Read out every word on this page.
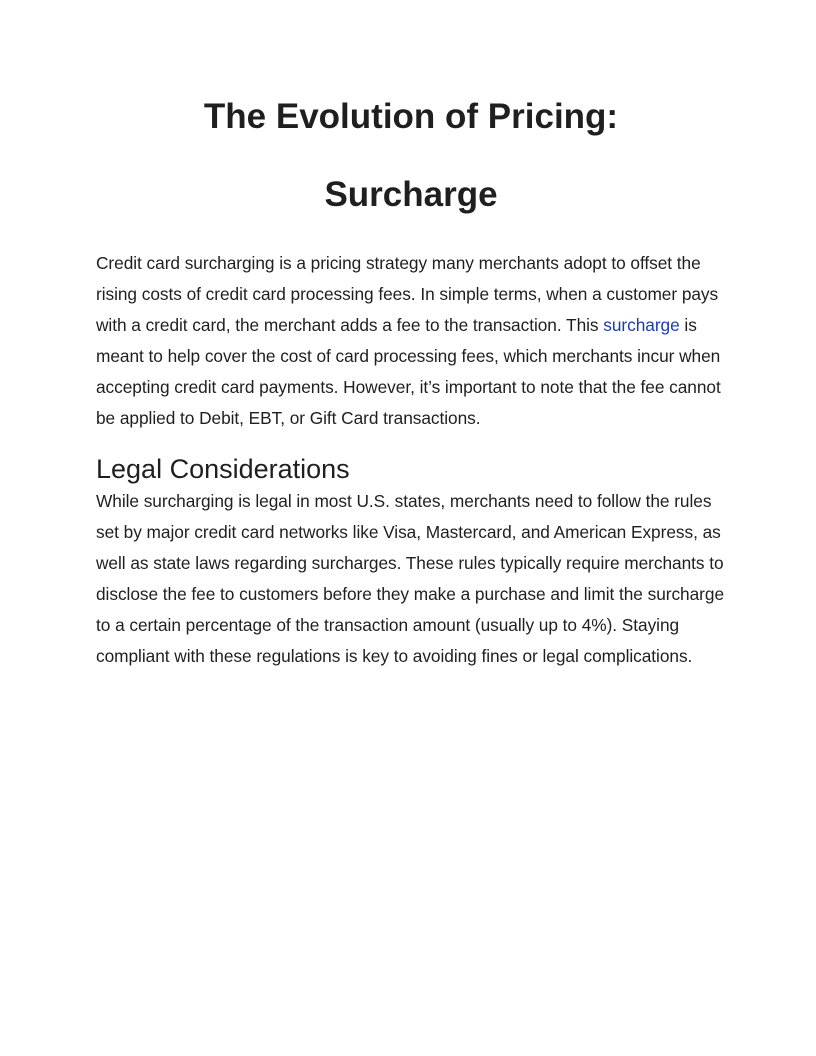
The Evolution of Pricing:
Surcharge

Credit card surcharging is a pricing strategy many merchants adopt to offset the rising costs of credit card processing fees. In simple terms, when a customer pays with a credit card, the merchant adds a fee to the transaction. This surcharge is meant to help cover the cost of card processing fees, which merchants incur when accepting credit card payments. However, it’s important to note that the fee cannot be applied to Debit, EBT, or Gift Card transactions.

Legal Considerations

While surcharging is legal in most U.S. states, merchants need to follow the rules set by major credit card networks like Visa, Mastercard, and American Express, as well as state laws regarding surcharges. These rules typically require merchants to disclose the fee to customers before they make a purchase and limit the surcharge to a certain percentage of the transaction amount (usually up to 4%). Staying compliant with these regulations is key to avoiding fines or legal complications.
